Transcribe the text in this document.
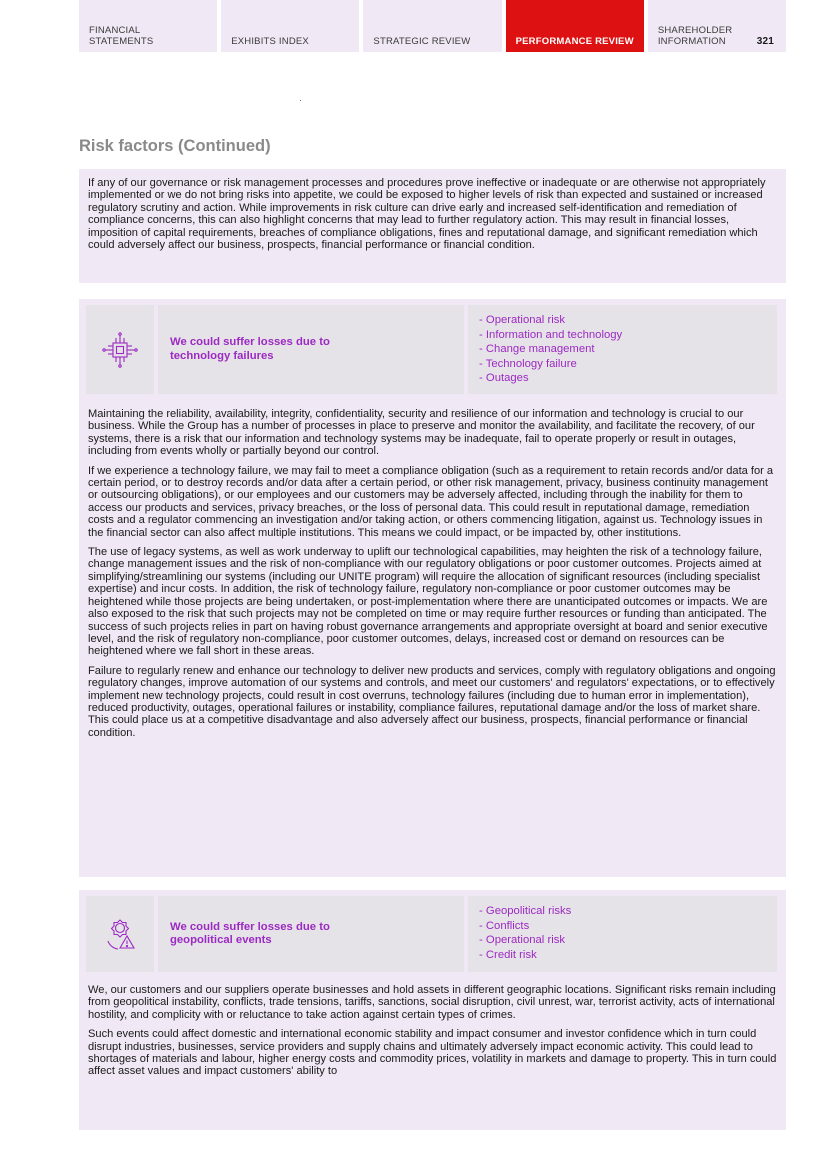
FINANCIAL STATEMENTS	EXHIBITS INDEX	STRATEGIC REVIEW	PERFORMANCE REVIEW
SHAREHOLDER INFORMATION	321
Risk factors (Continued)

If any of our governance or risk management processes and procedures prove ineffective or inadequate or are otherwise not appropriately implemented or we do not bring risks into appetite, we could be exposed to higher levels of risk than expected and sustained or increased regulatory scrutiny and action. While improvements in risk culture can drive early and increased self-identification and remediation of compliance concerns, this can also highlight concerns that may lead to further regulatory action. This may result in financial losses, imposition of capital requirements, breaches of compliance obligations, fines and reputational damage, and significant remediation which could adversely affect our business, prospects, financial performance or financial condition.

We could suffer losses due to technology failures
- Operational risk
- Information and technology
- Change management
- Technology failure
- Outages

Maintaining the reliability, availability, integrity, confidentiality, security and resilience of our information and technology is crucial to our business. While the Group has a number of processes in place to preserve and monitor the availability, and facilitate the recovery, of our systems, there is a risk that our information and technology systems may be inadequate, fail to operate properly or result in outages, including from events wholly or partially beyond our control.

If we experience a technology failure, we may fail to meet a compliance obligation (such as a requirement to retain records and/or data for a certain period, or to destroy records and/or data after a certain period, or other risk management, privacy, business continuity management or outsourcing obligations), or our employees and our customers may be adversely affected, including through the inability for them to access our products and services, privacy breaches, or the loss of personal data. This could result in reputational damage, remediation costs and a regulator commencing an investigation and/or taking action, or others commencing litigation, against us. Technology issues in the financial sector can also affect multiple institutions. This means we could impact, or be impacted by, other institutions.

The use of legacy systems, as well as work underway to uplift our technological capabilities, may heighten the risk of a technology failure, change management issues and the risk of non-compliance with our regulatory obligations or poor customer outcomes. Projects aimed at simplifying/streamlining our systems (including our UNITE program) will require the allocation of significant resources (including specialist expertise) and incur costs. In addition, the risk of technology failure, regulatory non-compliance or poor customer outcomes may be heightened while those projects are being undertaken, or post-implementation where there are unanticipated outcomes or impacts. We are also exposed to the risk that such projects may not be completed on time or may require further resources or funding than anticipated. The success of such projects relies in part on having robust governance arrangements and appropriate oversight at board and senior executive level, and the risk of regulatory non-compliance, poor customer outcomes, delays, increased cost or demand on resources can be heightened where we fall short in these areas.

Failure to regularly renew and enhance our technology to deliver new products and services, comply with regulatory obligations and ongoing regulatory changes, improve automation of our systems and controls, and meet our customers' and regulators' expectations, or to effectively implement new technology projects, could result in cost overruns, technology failures (including due to human error in implementation), reduced productivity, outages, operational failures or instability, compliance failures, reputational damage and/or the loss of market share. This could place us at a competitive disadvantage and also adversely affect our business, prospects, financial performance or financial condition.

We could suffer losses due to geopolitical events
- Geopolitical risks
- Conflicts
- Operational risk
- Credit risk

We, our customers and our suppliers operate businesses and hold assets in different geographic locations. Significant risks remain including from geopolitical instability, conflicts, trade tensions, tariffs, sanctions, social disruption, civil unrest, war, terrorist activity, acts of international hostility, and complicity with or reluctance to take action against certain types of crimes.

Such events could affect domestic and international economic stability and impact consumer and investor confidence which in turn could disrupt industries, businesses, service providers and supply chains and ultimately adversely impact economic activity. This could lead to shortages of materials and labour, higher energy costs and commodity prices, volatility in markets and damage to property. This in turn could affect asset values and impact customers' ability to
